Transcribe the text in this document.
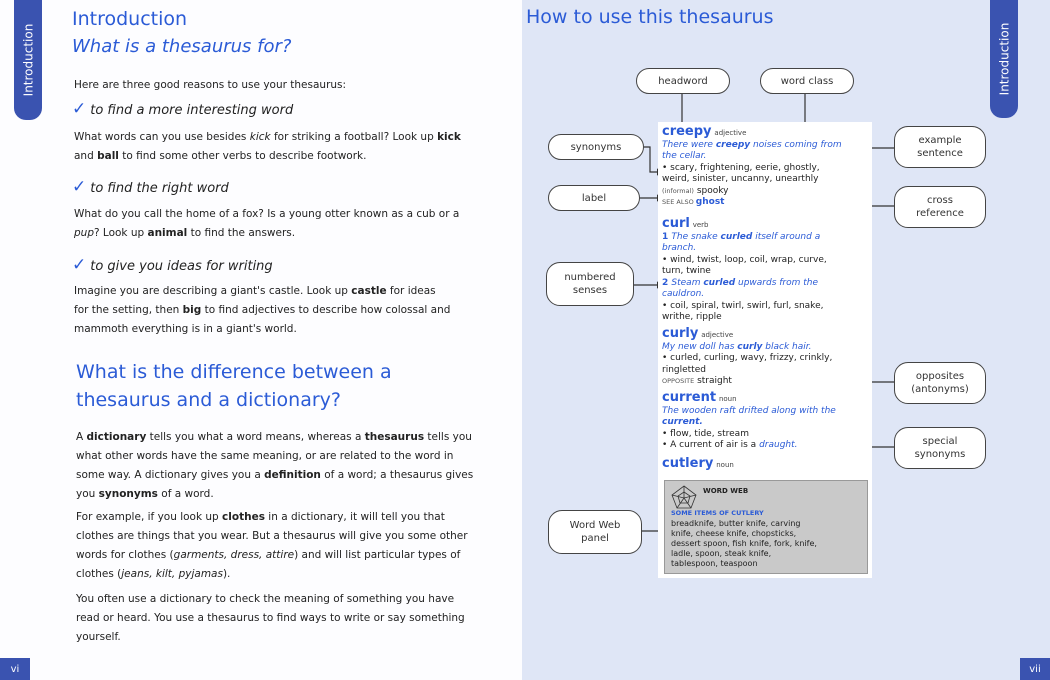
Introduction
Introduction
What is a thesaurus for?
Here are three good reasons to use your thesaurus:
✓ to find a more interesting word
What words can you use besides kick for striking a football? Look up kick
and ball to find some other verbs to describe footwork.
✓ to find the right word
What do you call the home of a fox? Is a young otter known as a cub or a
pup? Look up animal to find the answers.
✓ to give you ideas for writing
Imagine you are describing a giant's castle. Look up castle for ideas
for the setting, then big to find adjectives to describe how colossal and
mammoth everything is in a giant's world.
What is the difference between a
thesaurus and a dictionary?
A dictionary tells you what a word means, whereas a thesaurus tells you
what other words have the same meaning, or are related to the word in
some way. A dictionary gives you a definition of a word; a thesaurus gives
you synonyms of a word.
For example, if you look up clothes in a dictionary, it will tell you that
clothes are things that you wear. But a thesaurus will give you some other
words for clothes (garments, dress, attire) and will list particular types of
clothes (jeans, kilt, pyjamas).
You often use a dictionary to check the meaning of something you have
read or heard. You use a thesaurus to find ways to write or say something
yourself.
vi
Introduction
How to use this thesaurus
creepy adjective
There were creepy noises coming from
the cellar.
• scary, frightening, eerie, ghostly,
weird, sinister, uncanny, unearthly
(informal) spooky
SEE ALSO ghost
curl verb
1 The snake curled itself around a
branch.
• wind, twist, loop, coil, wrap, curve,
turn, twine
2 Steam curled upwards from the
cauldron.
• coil, spiral, twirl, swirl, furl, snake,
writhe, ripple
curly adjective
My new doll has curly black hair.
• curled, curling, wavy, frizzy, crinkly,
ringletted
OPPOSITE straight
current noun
The wooden raft drifted along with the
current.
• flow, tide, stream
• A current of air is a draught.
cutlery noun
WORD WEB
SOME ITEMS OF CUTLERY
breadknife, butter knife, carving
knife, cheese knife, chopsticks,
dessert spoon, fish knife, fork, knife,
ladle, spoon, steak knife,
tablespoon, teaspoon
headword	word class
synonyms
label
numbered
senses
example
sentence
cross
reference
opposites
(antonyms)
special
synonyms
Word Web
panel
vii
